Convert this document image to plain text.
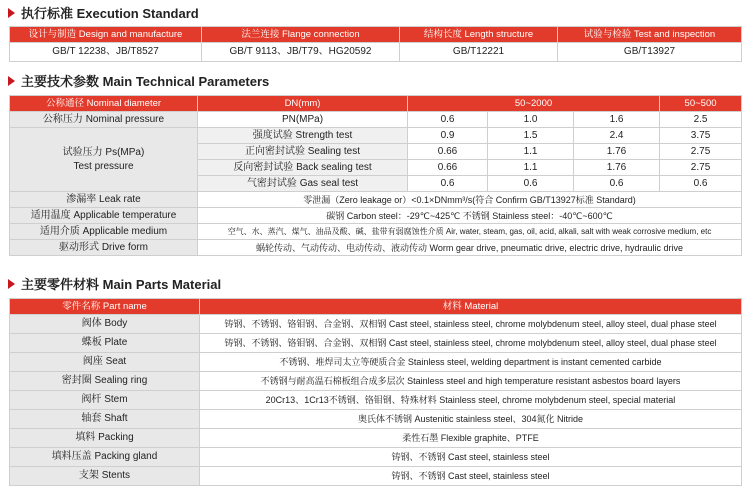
执行标准 Execution Standard
设计与制造 Design and manufacture	法兰连接 Flange connection	结构长度 Length structure	试验与检验 Test and inspection
GB/T 12238、JB/T8527	GB/T 9113、JB/T79、HG20592	GB/T12221	GB/T13927
主要技术参数 Main Technical Parameters
公称通径 Nominal diameter	DN(mm)	50~2000			50~500	
公称压力 Nominal pressure	PN(MPa)	0.6	1.0	1.6	2.5	

试验压力 Ps(MPa)
Test pressure	强度试验 Strength test	0.9	1.5	2.4	3.75	
	正向密封试验 Sealing test	0.66	1.1	1.76	2.75	
	反向密封试验 Back sealing test	0.66	1.1	1.76	2.75	
	气密封试验 Gas seal test	0.6	0.6	0.6	0.6	
渗漏率 Leak rate	零泄漏（Zero leakage or）<0.1×DNmm³/s(符合 Confirm GB/T13927标准 Standard)					
适用温度 Applicable temperature	碳钢 Carbon steel：-29℃~425℃ 不锈钢 Stainless steel：-40℃~600℃					
适用介质 Applicable medium	空气、水、蒸汽、煤气、油品及酸、碱、盐带有弱腐蚀性介质 Air, water, steam, gas, oil, acid, alkali, salt with weak corrosive medium, etc					
驱动形式 Drive form	蜗轮传动、气动传动、电动传动、液动传动 Worm gear drive, pneumatic drive, electric drive, hydraulic drive					
主要零件材料 Main Parts Material
零件名称 Part name	材料 Material
阀体 Body	铸钢、不锈钢、铬钼钢、合金钢、双相钢 Cast steel, stainless steel, chrome molybdenum steel, alloy steel, dual phase steel
蝶板 Plate	铸钢、不锈钢、铬钼钢、合金钢、双相钢 Cast steel, stainless steel, chrome molybdenum steel, alloy steel, dual phase steel
阀座 Seat	不锈钢、堆焊司太立等硬质合金 Stainless steel, welding department is instant cemented carbide
密封圈 Sealing ring	不锈钢与耐高温石棉板组合成多层次 Stainless steel and high temperature resistant asbestos board layers
阀杆 Stem	20Cr13、1Cr13不锈钢、铬钼钢、特殊材料 Stainless steel, chrome molybdenum steel, special material
轴套 Shaft	奥氏体不锈钢 Austenitic stainless steel、304氮化 Nitride
填料 Packing	柔性石墨 Flexible graphite、PTFE
填料压盖 Packing gland	铸钢、不锈钢 Cast steel, stainless steel
支架 Stents	铸钢、不锈钢 Cast steel, stainless steel
